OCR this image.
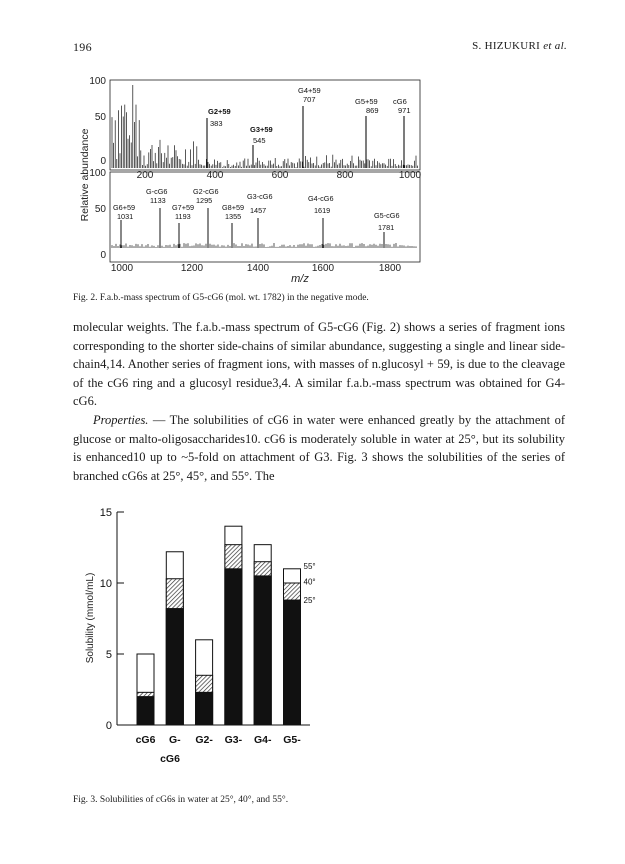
196	S. HIZUKURI et al.
Relative abundance
m/z
100
50
0
200	400	600	800	1000
100
50
0
1000	1200	1400	1600	1800
G2+59
383
G3+59
545
G4+59
707	G5+59
869
cG6
971
G6+59
1031
G-cG6
1133
G7+59
1193
G2-cG6
1295
G8+59
1355
G3-cG6
1457
G4-cG6
1619
G5-cG6
1781
Fig. 2. F.a.b.-mass spectrum of G5-cG6 (mol. wt. 1782) in the negative mode.

molecular weights. The f.a.b.-mass spectrum of G5-cG6 (Fig. 2) shows a series of fragment ions corresponding to the shorter side-chains of similar abundance, suggesting a single and linear side-chain4,14. Another series of fragment ions, with masses of n.glucosyl + 59, is due to the cleavage of the cG6 ring and a glucosyl residue3,4. A similar f.a.b.-mass spectrum was obtained for G4-cG6.

Properties. — The solubilities of cG6 in water were enhanced greatly by the attachment of glucose or malto-oligosaccharides10. cG6 is moderately soluble in water at 25°, but its solubility is enhanced10 up to ~5-fold on attachment of G3. Fig. 3 shows the solubilities of the series of branched cG6s at 25°, 45°, and 55°. The

Solubility (mmol/mL)
0
5
10
15
cG6 G- G2- G3- G4- G5-
cG6
55°
40°
25°
Fig. 3. Solubilities of cG6s in water at 25°, 40°, and 55°.
